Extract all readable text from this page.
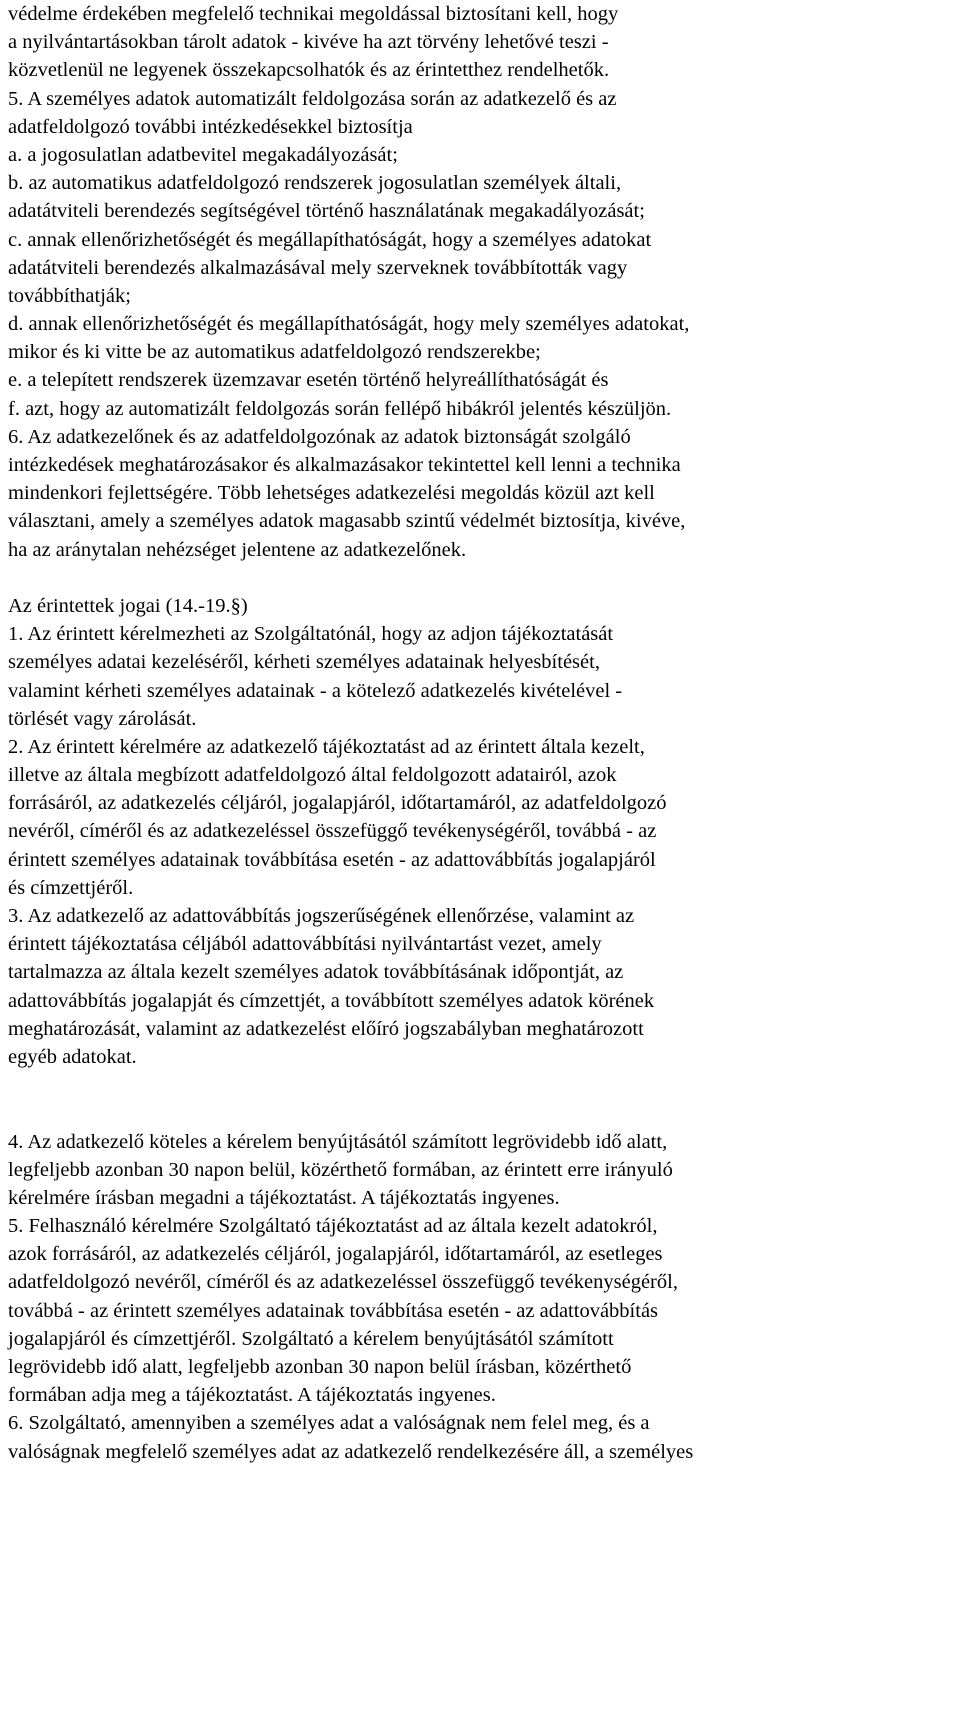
védelme érdekében megfelelő technikai megoldással biztosítani kell, hogy
a nyilvántartásokban tárolt adatok - kivéve ha azt törvény lehetővé teszi -
közvetlenül ne legyenek összekapcsolhatók és az érintetthez rendelhetők.
5. A személyes adatok automatizált feldolgozása során az adatkezelő és az
adatfeldolgozó további intézkedésekkel biztosítja
a. a jogosulatlan adatbevitel megakadályozását;
b. az automatikus adatfeldolgozó rendszerek jogosulatlan személyek általi,
adatátviteli berendezés segítségével történő használatának megakadályozását;
c. annak ellenőrizhetőségét és megállapíthatóságát, hogy a személyes adatokat
adatátviteli berendezés alkalmazásával mely szerveknek továbbították vagy
továbbíthatják;
d. annak ellenőrizhetőségét és megállapíthatóságát, hogy mely személyes adatokat,
mikor és ki vitte be az automatikus adatfeldolgozó rendszerekbe;
e. a telepített rendszerek üzemzavar esetén történő helyreállíthatóságát és
f. azt, hogy az automatizált feldolgozás során fellépő hibákról jelentés készüljön.
6. Az adatkezelőnek és az adatfeldolgozónak az adatok biztonságát szolgáló
intézkedések meghatározásakor és alkalmazásakor tekintettel kell lenni a technika
mindenkori fejlettségére. Több lehetséges adatkezelési megoldás közül azt kell
választani, amely a személyes adatok magasabb szintű védelmét biztosítja, kivéve,
ha az aránytalan nehézséget jelentene az adatkezelőnek.
Az érintettek jogai (14.-19.§)
1. Az érintett kérelmezheti az Szolgáltatónál, hogy az adjon tájékoztatását
személyes adatai kezeléséről, kérheti személyes adatainak helyesbítését,
valamint kérheti személyes adatainak - a kötelező adatkezelés kivételével -
törlését vagy zárolását.
2. Az érintett kérelmére az adatkezelő tájékoztatást ad az érintett általa kezelt,
illetve az általa megbízott adatfeldolgozó által feldolgozott adatairól, azok
forrásáról, az adatkezelés céljáról, jogalapjáról, időtartamáról, az adatfeldolgozó
nevéről, címéről és az adatkezeléssel összefüggő tevékenységéről, továbbá - az
érintett személyes adatainak továbbítása esetén - az adattovábbítás jogalapjáról
és címzettjéről.
3. Az adatkezelő az adattovábbítás jogszerűségének ellenőrzése, valamint az
érintett tájékoztatása céljából adattovábbítási nyilvántartást vezet, amely
tartalmazza az általa kezelt személyes adatok továbbításának időpontját, az
adattovábbítás jogalapját és címzettjét, a továbbított személyes adatok körének
meghatározását, valamint az adatkezelést előíró jogszabályban meghatározott
egyéb adatokat.
4. Az adatkezelő köteles a kérelem benyújtásától számított legrövidebb idő alatt,
legfeljebb azonban 30 napon belül, közérthető formában, az érintett erre irányuló
kérelmére írásban megadni a tájékoztatást. A tájékoztatás ingyenes.
5. Felhasználó kérelmére Szolgáltató tájékoztatást ad az általa kezelt adatokról,
azok forrásáról, az adatkezelés céljáról, jogalapjáról, időtartamáról, az esetleges
adatfeldolgozó nevéről, címéről és az adatkezeléssel összefüggő tevékenységéről,
továbbá - az érintett személyes adatainak továbbítása esetén - az adattovábbítás
jogalapjáról és címzettjéről. Szolgáltató a kérelem benyújtásától számított
legrövidebb idő alatt, legfeljebb azonban 30 napon belül írásban, közérthető
formában adja meg a tájékoztatást. A tájékoztatás ingyenes.
6. Szolgáltató, amennyiben a személyes adat a valóságnak nem felel meg, és a
valóságnak megfelelő személyes adat az adatkezelő rendelkezésére áll, a személyes
